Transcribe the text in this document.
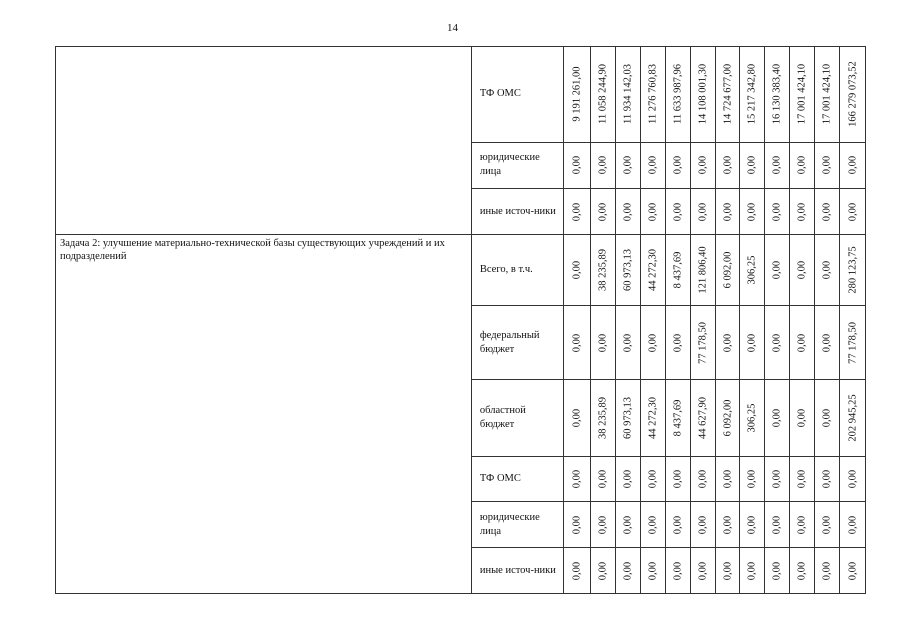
14
	ТФ ОМС	9 191 261,00	11 058 244,90	11 934 142,03	11 276 760,83	11 633 987,96	14 108 001,30	14 724 677,00	15 217 342,80	16 130 383,40	17 001 424,10	17 001 424,10	166 279 073,52

	юридические лица	0,00	0,00	0,00	0,00	0,00	0,00	0,00	0,00	0,00	0,00	0,00	0,00

	иные источ-ники	0,00	0,00	0,00	0,00	0,00	0,00	0,00	0,00	0,00	0,00	0,00	0,00

Задача 2: улучшение материально-технической базы существующих учреждений и их подразделений	Всего, в т.ч.	0,00	38 235,89	60 973,13	44 272,30	8 437,69	121 806,40	6 092,00	306,25	0,00	0,00	0,00	280 123,75

	федеральный бюджет	0,00	0,00	0,00	0,00	0,00	77 178,50	0,00	0,00	0,00	0,00	0,00	77 178,50

	областной бюджет	0,00	38 235,89	60 973,13	44 272,30	8 437,69	44 627,90	6 092,00	306,25	0,00	0,00	0,00	202 945,25

	ТФ ОМС	0,00	0,00	0,00	0,00	0,00	0,00	0,00	0,00	0,00	0,00	0,00	0,00

	юридические лица	0,00	0,00	0,00	0,00	0,00	0,00	0,00	0,00	0,00	0,00	0,00	0,00

	иные источ-ники	0,00	0,00	0,00	0,00	0,00	0,00	0,00	0,00	0,00	0,00	0,00	0,00
